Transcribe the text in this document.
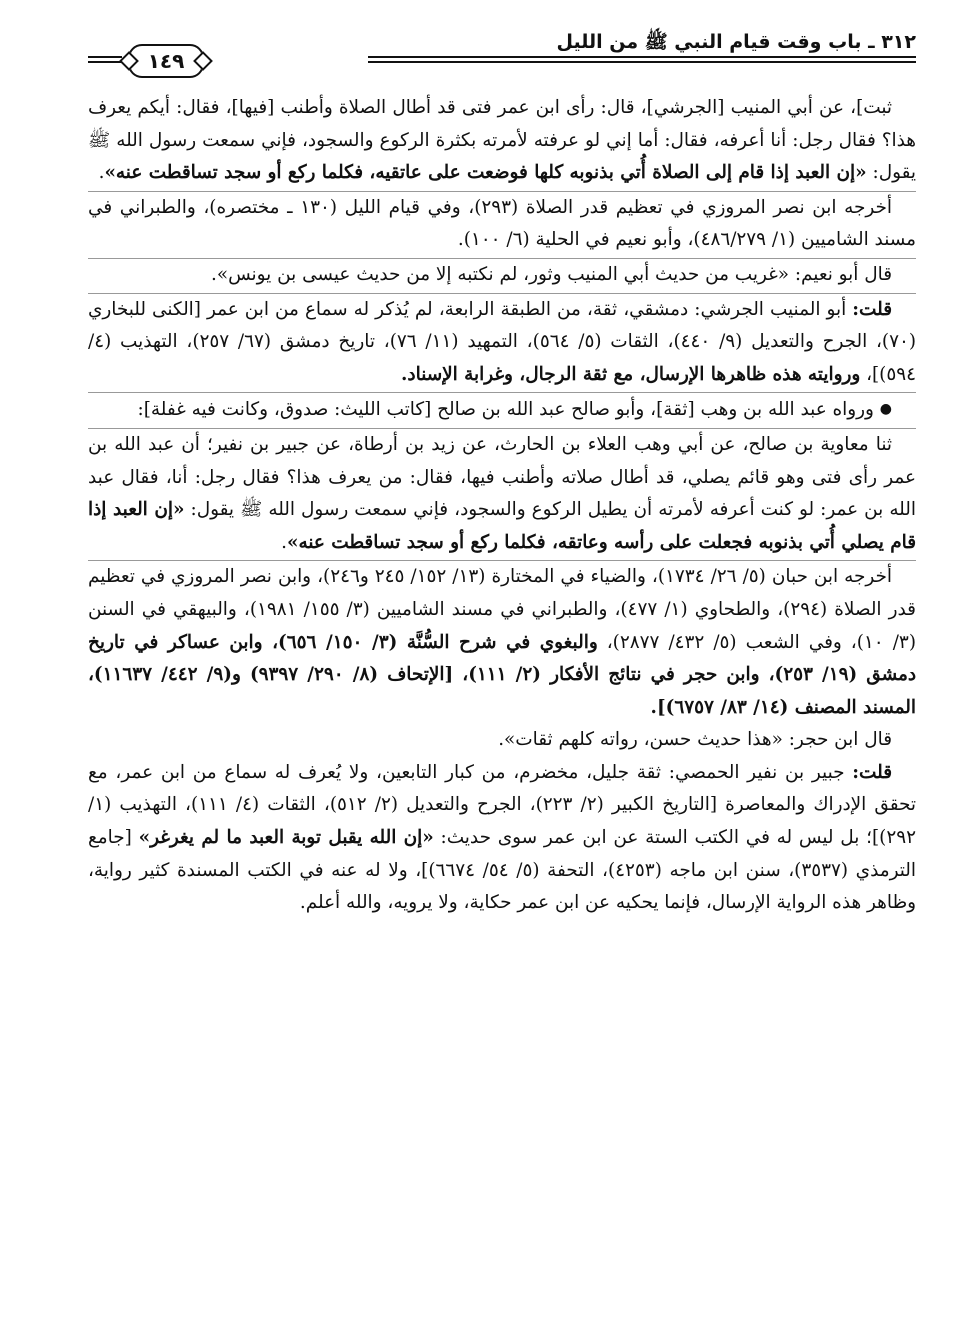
٣١٢ ـ باب وقت قيام النبي ﷺ من الليل
١٤٩

ثبت]، عن أبي المنيب [الجرشي]، قال: رأى ابن عمر فتى قد أطال الصلاة وأطنب [فيها]، فقال: أيكم يعرف هذا؟ فقال رجل: أنا أعرفه، فقال: أما إني لو عرفته لأمرته بكثرة الركوع والسجود، فإني سمعت رسول الله ﷺ يقول: «إن العبد إذا قام إلى الصلاة أُتي بذنوبه كلها فوضعت على عاتقيه، فكلما ركع أو سجد تساقطت عنه».

أخرجه ابن نصر المروزي في تعظيم قدر الصلاة (٢٩٣)، وفي قيام الليل (١٣٠ ـ مختصره)، والطبراني في مسند الشاميين (١/ ٤٨٦/٢٧٩)، وأبو نعيم في الحلية (٦/ ١٠٠).

قال أبو نعيم: «غريب من حديث أبي المنيب وثور، لم نكتبه إلا من حديث عيسى بن يونس».

قلت: أبو المنيب الجرشي: دمشقي، ثقة، من الطبقة الرابعة، لم يُذكر له سماع من ابن عمر [الكنى للبخاري (٧٠)، الجرح والتعديل (٩/ ٤٤٠)، الثقات (٥/ ٥٦٤)، التمهيد (١١/ ٧٦)، تاريخ دمشق (٦٧/ ٢٥٧)، التهذيب (٤/ ٥٩٤)]، وروايته هذه ظاهرها الإرسال، مع ثقة الرجال، وغرابة الإسناد.

● ورواه عبد الله بن وهب [ثقة]، وأبو صالح عبد الله بن صالح [كاتب الليث: صدوق، وكانت فيه غفلة]:

ثنا معاوية بن صالح، عن أبي وهب العلاء بن الحارث، عن زيد بن أرطاة، عن جبير بن نفير؛ أن عبد الله بن عمر رأى فتى وهو قائم يصلي، قد أطال صلاته وأطنب فيها، فقال: من يعرف هذا؟ فقال رجل: أنا، فقال عبد الله بن عمر: لو كنت أعرفه لأمرته أن يطيل الركوع والسجود، فإني سمعت رسول الله ﷺ يقول: «إن العبد إذا قام يصلي أُتي بذنوبه فجعلت على رأسه وعاتقه، فكلما ركع أو سجد تساقطت عنه».

أخرجه ابن حبان (٥/ ٢٦/ ١٧٣٤)، والضياء في المختارة (١٣/ ١٥٢/ ٢٤٥ و٢٤٦)، وابن نصر المروزي في تعظيم قدر الصلاة (٢٩٤)، والطحاوي (١/ ٤٧٧)، والطبراني في مسند الشاميين (٣/ ١٥٥/ ١٩٨١)، والبيهقي في السنن (٣/ ١٠)، وفي الشعب (٥/ ٤٣٢/ ٢٨٧٧)، والبغوي في شرح السُّنَّة (٣/ ١٥٠/ ٦٥٦)، وابن عساكر في تاريخ دمشق (١٩/ ٢٥٣)، وابن حجر في نتائج الأفكار (٢/ ١١١)، [الإتحاف (٨/ ٢٩٠/ ٩٣٩٧) و(٩/ ٤٤٢/ ١١٦٣٧)، المسند المصنف (١٤/ ٨٣/ ٦٧٥٧)].

قال ابن حجر: «هذا حديث حسن، رواته كلهم ثقات».

قلت: جبير بن نفير الحمصي: ثقة جليل، مخضرم، من كبار التابعين، ولا يُعرف له سماع من ابن عمر، مع تحقق الإدراك والمعاصرة [التاريخ الكبير (٢/ ٢٢٣)، الجرح والتعديل (٢/ ٥١٢)، الثقات (٤/ ١١١)، التهذيب (١/ ٢٩٢)]؛ بل ليس له في الكتب الستة عن ابن عمر سوى حديث: «إن الله يقبل توبة العبد ما لم يغرغر» [جامع الترمذي (٣٥٣٧)، سنن ابن ماجه (٤٢٥٣)، التحفة (٥/ ٥٤/ ٦٦٧٤)]، ولا له عنه في الكتب المسندة كثير رواية، وظاهر هذه الرواية الإرسال، فإنما يحكيه عن ابن عمر حكاية، ولا يرويه، والله أعلم.
